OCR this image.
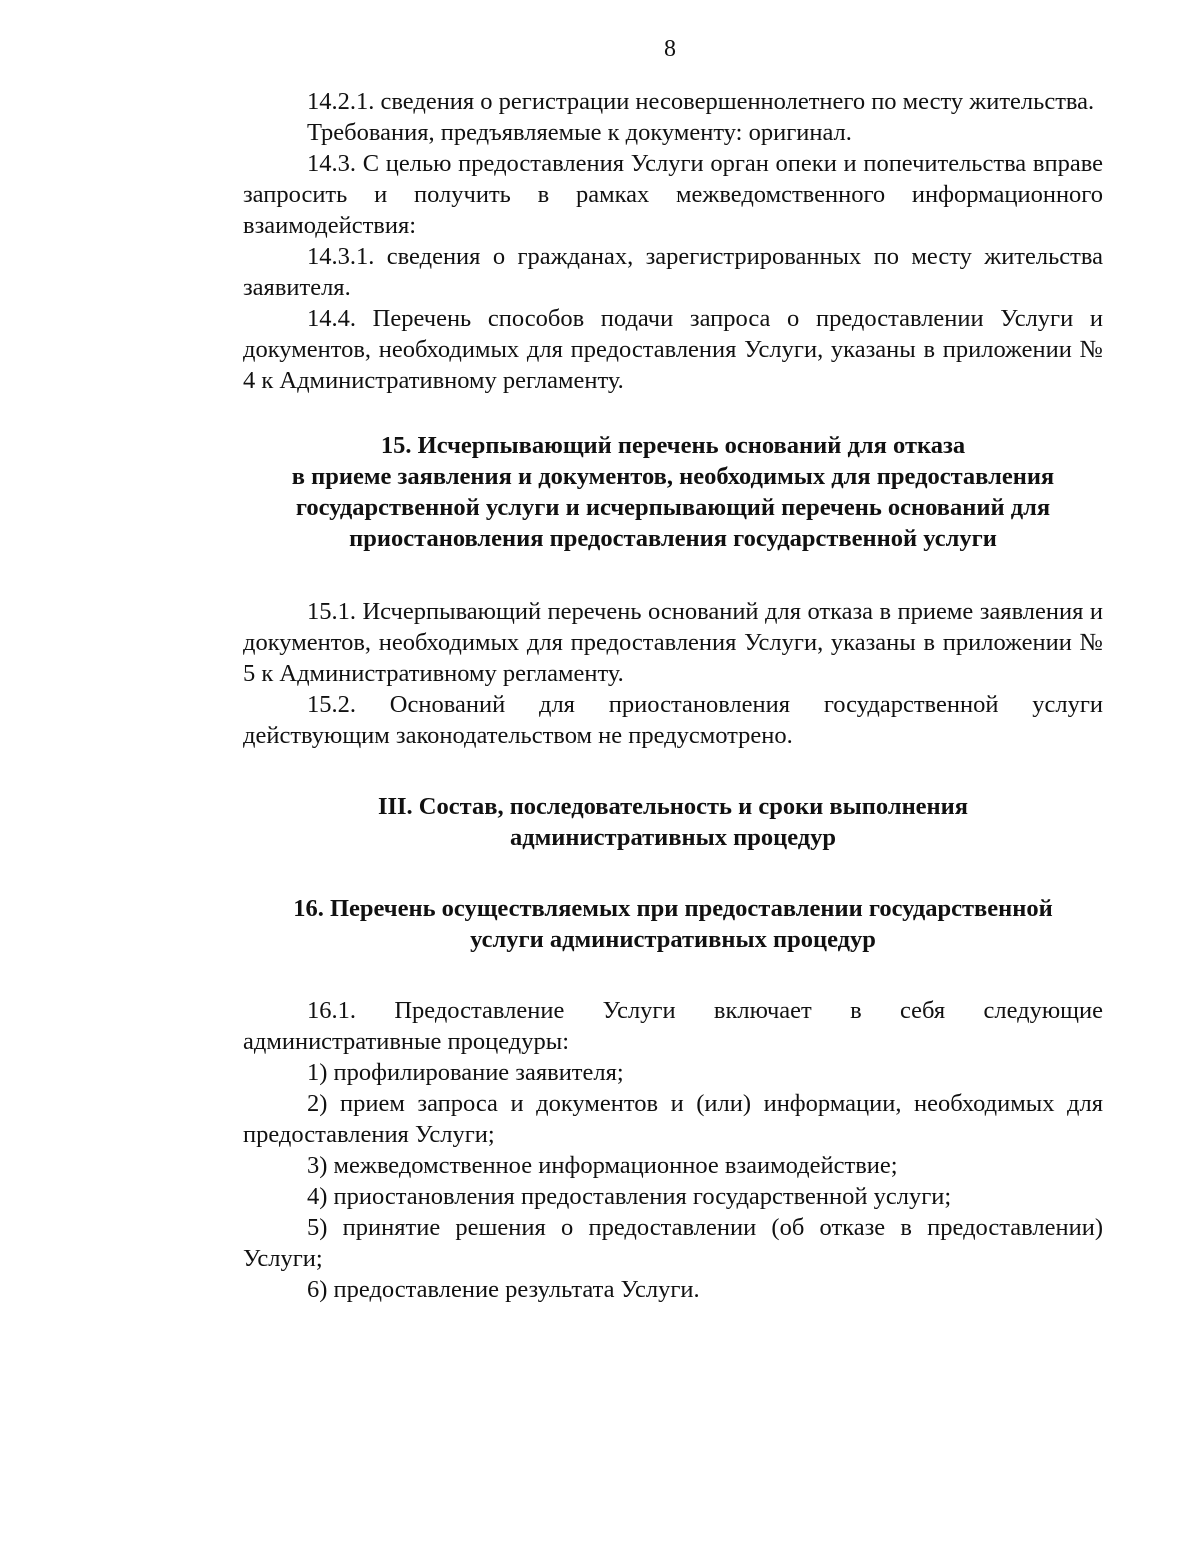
8

14.2.1. сведения о регистрации несовершеннолетнего по месту жительства.

Требования, предъявляемые к документу: оригинал.

14.3. С целью предоставления Услуги орган опеки и попечительства вправе запросить и получить в рамках межведомственного информационного взаимодействия:

14.3.1. сведения о гражданах, зарегистрированных по месту жительства заявителя.

14.4. Перечень способов подачи запроса о предоставлении Услуги и документов, необходимых для предоставления Услуги, указаны в приложении № 4 к Административному регламенту.

15. Исчерпывающий перечень оснований для отказа
в приеме заявления и документов, необходимых для предоставления
государственной услуги и исчерпывающий перечень оснований для
приостановления предоставления государственной услуги

15.1. Исчерпывающий перечень оснований для отказа в приеме заявления и документов, необходимых для предоставления Услуги, указаны в приложении № 5 к Административному регламенту.

15.2. Оснований для приостановления государственной услуги действующим законодательством не предусмотрено.

III. Состав, последовательность и сроки выполнения
административных процедур
16. Перечень осуществляемых при предоставлении государственной
услуги административных процедур

16.1. Предоставление Услуги включает в себя следующие административные процедуры:

1) профилирование заявителя;

2) прием запроса и документов и (или) информации, необходимых для предоставления Услуги;

3) межведомственное информационное взаимодействие;

4) приостановления предоставления государственной услуги;

5) принятие решения о предоставлении (об отказе в предоставлении) Услуги;

6) предоставление результата Услуги.
